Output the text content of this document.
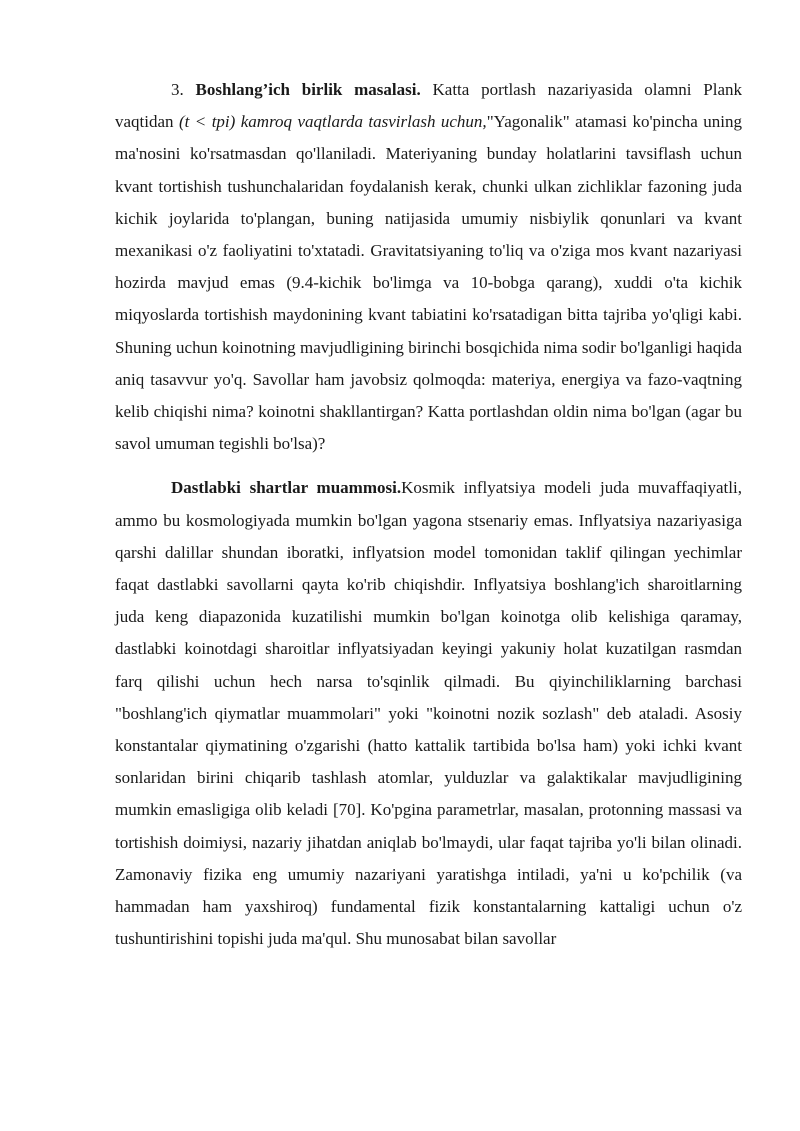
3. Boshlang’ich birlik masalasi. Katta portlash nazariyasida olamni Plank vaqtidan (t < tpi) kamroq vaqtlarda tasvirlash uchun,"Yagonalik" atamasi ko'pincha uning ma'nosini ko'rsatmasdan qo'llaniladi. Materiyaning bunday holatlarini tavsiflash uchun kvant tortishish tushunchalaridan foydalanish kerak, chunki ulkan zichliklar fazoning juda kichik joylarida to'plangan, buning natijasida umumiy nisbiylik qonunlari va kvant mexanikasi o'z faoliyatini to'xtatadi. Gravitatsiyaning to'liq va o'ziga mos kvant nazariyasi hozirda mavjud emas (9.4-kichik bo'limga va 10-bobga qarang), xuddi o'ta kichik miqyoslarda tortishish maydonining kvant tabiatini ko'rsatadigan bitta tajriba yo'qligi kabi. Shuning uchun koinotning mavjudligining birinchi bosqichida nima sodir bo'lganligi haqida aniq tasavvur yo'q. Savollar ham javobsiz qolmoqda: materiya, energiya va fazo-vaqtning kelib chiqishi nima? koinotni shakllantirgan? Katta portlashdan oldin nima bo'lgan (agar bu savol umuman tegishli bo'lsa)?

Dastlabki shartlar muammosi.Kosmik inflyatsiya modeli juda muvaffaqiyatli, ammo bu kosmologiyada mumkin bo'lgan yagona stsenariy emas. Inflyatsiya nazariyasiga qarshi dalillar shundan iboratki, inflyatsion model tomonidan taklif qilingan yechimlar faqat dastlabki savollarni qayta ko'rib chiqishdir. Inflyatsiya boshlang'ich sharoitlarning juda keng diapazonida kuzatilishi mumkin bo'lgan koinotga olib kelishiga qaramay, dastlabki koinotdagi sharoitlar inflyatsiyadan keyingi yakuniy holat kuzatilgan rasmdan farq qilishi uchun hech narsa to'sqinlik qilmadi. Bu qiyinchiliklarning barchasi "boshlang'ich qiymatlar muammolari" yoki "koinotni nozik sozlash" deb ataladi. Asosiy konstantalar qiymatining o'zgarishi (hatto kattalik tartibida bo'lsa ham) yoki ichki kvant sonlaridan birini chiqarib tashlash atomlar, yulduzlar va galaktikalar mavjudligining mumkin emasligiga olib keladi [70]. Ko'pgina parametrlar, masalan, protonning massasi va tortishish doimiysi, nazariy jihatdan aniqlab bo'lmaydi, ular faqat tajriba yo'li bilan olinadi. Zamonaviy fizika eng umumiy nazariyani yaratishga intiladi, ya'ni u ko'pchilik (va hammadan ham yaxshiroq) fundamental fizik konstantalarning kattaligi uchun o'z tushuntirishini topishi juda ma'qul. Shu munosabat bilan savollar
